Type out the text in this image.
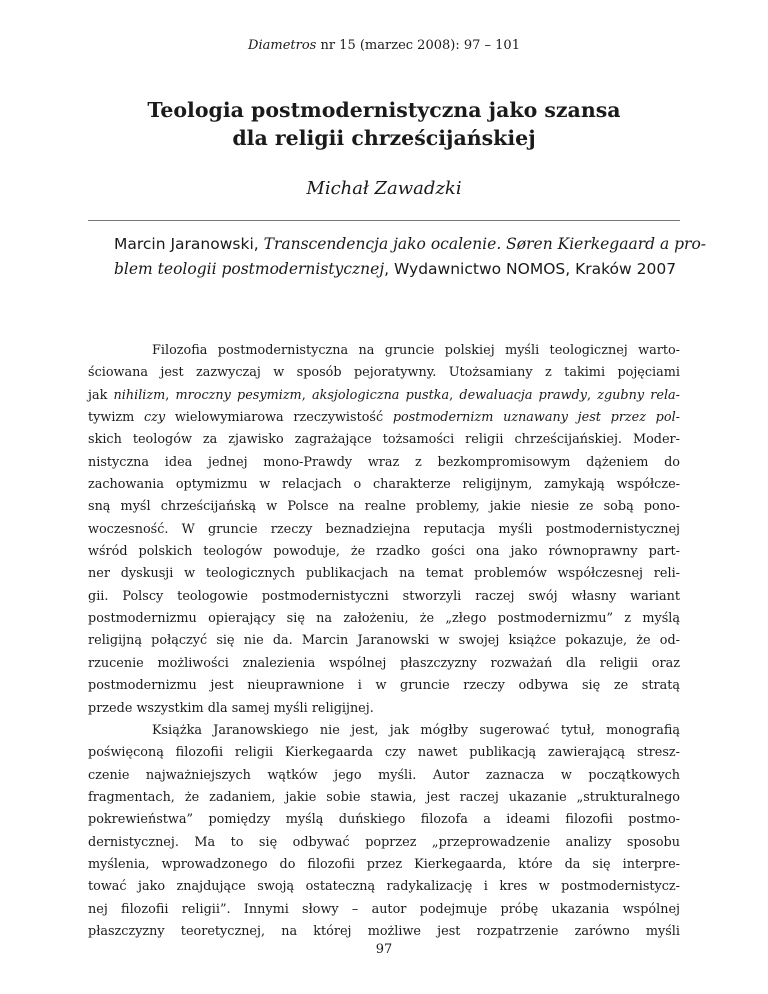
Diametros nr 15 (marzec 2008): 97 – 101
Teologia postmodernistyczna jako szansa
dla religii chrześcijańskiej
Michał Zawadzki
Marcin Jaranowski, Transcendencja jako ocalenie. Søren Kierkegaard a pro-
blem teologii postmodernistycznej, Wydawnictwo NOMOS, Kraków 2007
Filozofia postmodernistyczna na gruncie polskiej myśli teologicznej warto-
ściowana jest zazwyczaj w sposób pejoratywny. Utożsamiany z takimi pojęciami
jak nihilizm, mroczny pesymizm, aksjologiczna pustka, dewaluacja prawdy, zgubny rela-
tywizm czy wielowymiarowa rzeczywistość postmodernizm uznawany jest przez pol-
skich teologów za zjawisko zagrażające tożsamości religii chrześcijańskiej. Moder-
nistyczna idea jednej mono-Prawdy wraz z bezkompromisowym dążeniem do
zachowania optymizmu w relacjach o charakterze religijnym, zamykają współcze-
sną myśl chrześcijańską w Polsce na realne problemy, jakie niesie ze sobą pono-
woczesność. W gruncie rzeczy beznadziejna reputacja myśli postmodernistycznej
wśród polskich teologów powoduje, że rzadko gości ona jako równoprawny part-
ner dyskusji w teologicznych publikacjach na temat problemów współczesnej reli-
gii. Polscy teologowie postmodernistyczni stworzyli raczej swój własny wariant
postmodernizmu opierający się na założeniu, że „złego postmodernizmu” z myślą
religijną połączyć się nie da. Marcin Jaranowski w swojej książce pokazuje, że od-
rzucenie możliwości znalezienia wspólnej płaszczyzny rozważań dla religii oraz
postmodernizmu jest nieuprawnione i w gruncie rzeczy odbywa się ze stratą
przede wszystkim dla samej myśli religijnej.
Książka Jaranowskiego nie jest, jak mógłby sugerować tytuł, monografią
poświęconą filozofii religii Kierkegaarda czy nawet publikacją zawierającą stresz-
czenie najważniejszych wątków jego myśli. Autor zaznacza w początkowych
fragmentach, że zadaniem, jakie sobie stawia, jest raczej ukazanie „strukturalnego
pokrewieństwa” pomiędzy myślą duńskiego filozofa a ideami filozofii postmo-
dernistycznej. Ma to się odbywać poprzez „przeprowadzenie analizy sposobu
myślenia, wprowadzonego do filozofii przez Kierkegaarda, które da się interpre-
tować jako znajdujące swoją ostateczną radykalizację i kres w postmodernistycz-
nej filozofii religii”. Innymi słowy – autor podejmuje próbę ukazania wspólnej
płaszczyzny teoretycznej, na której możliwe jest rozpatrzenie zarówno myśli
97
